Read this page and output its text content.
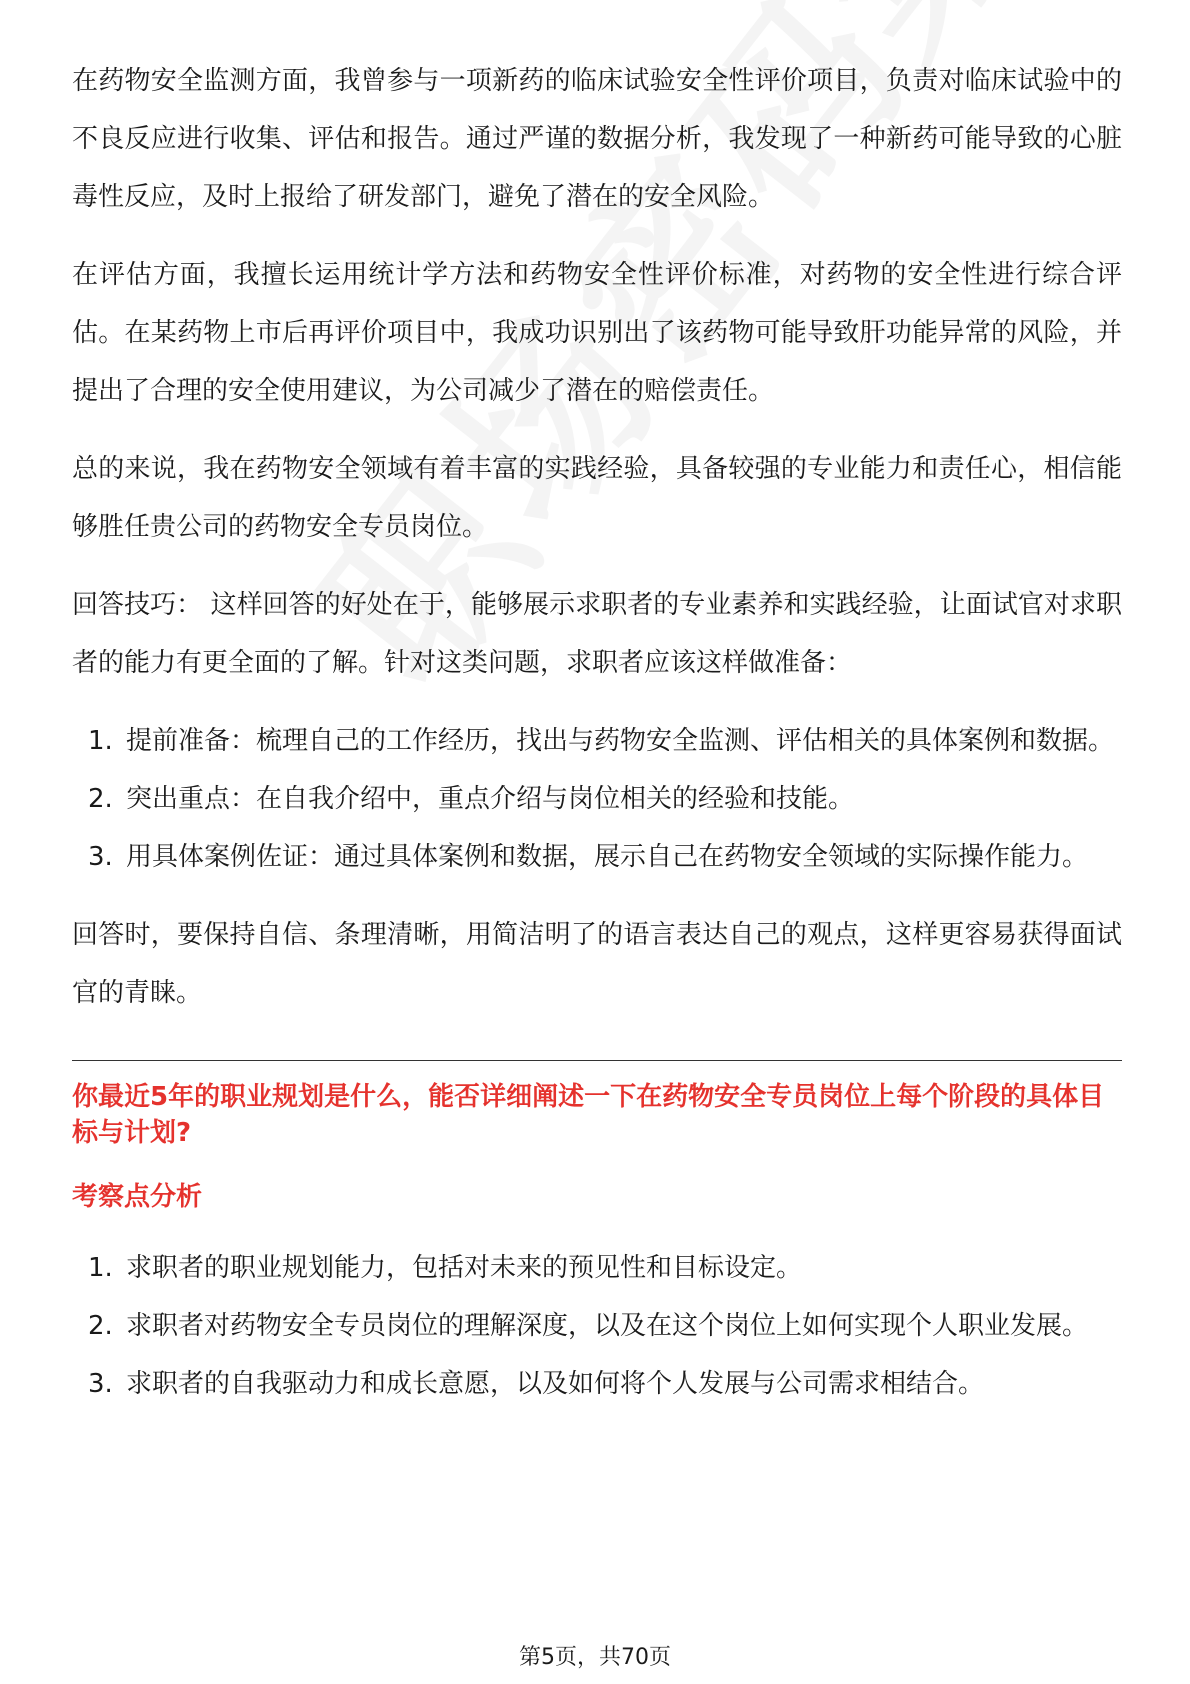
在药物安全监测方面，我曾参与一项新药的临床试验安全性评价项目，负责对临床试验中的不良反应进行收集、评估和报告。通过严谨的数据分析，我发现了一种新药可能导致的心脏毒性反应，及时上报给了研发部门，避免了潜在的安全风险。

在评估方面，我擅长运用统计学方法和药物安全性评价标准，对药物的安全性进行综合评估。在某药物上市后再评价项目中，我成功识别出了该药物可能导致肝功能异常的风险，并提出了合理的安全使用建议，为公司减少了潜在的赔偿责任。

总的来说，我在药物安全领域有着丰富的实践经验，具备较强的专业能力和责任心，相信能够胜任贵公司的药物安全专员岗位。

回答技巧： 这样回答的好处在于，能够展示求职者的专业素养和实践经验，让面试官对求职者的能力有更全面的了解。针对这类问题，求职者应该这样做准备：

1. 提前准备：梳理自己的工作经历，找出与药物安全监测、评估相关的具体案例和数据。
2. 突出重点：在自我介绍中，重点介绍与岗位相关的经验和技能。
3. 用具体案例佐证：通过具体案例和数据，展示自己在药物安全领域的实际操作能力。

回答时，要保持自信、条理清晰，用简洁明了的语言表达自己的观点，这样更容易获得面试官的青睐。

你最近5年的职业规划是什么，能否详细阐述一下在药物安全专员岗位上每个阶段的具体目标与计划?
考察点分析
1. 求职者的职业规划能力，包括对未来的预见性和目标设定。
2. 求职者对药物安全专员岗位的理解深度，以及在这个岗位上如何实现个人职业发展。
3. 求职者的自我驱动力和成长意愿，以及如何将个人发展与公司需求相结合。
第5页，共70页
